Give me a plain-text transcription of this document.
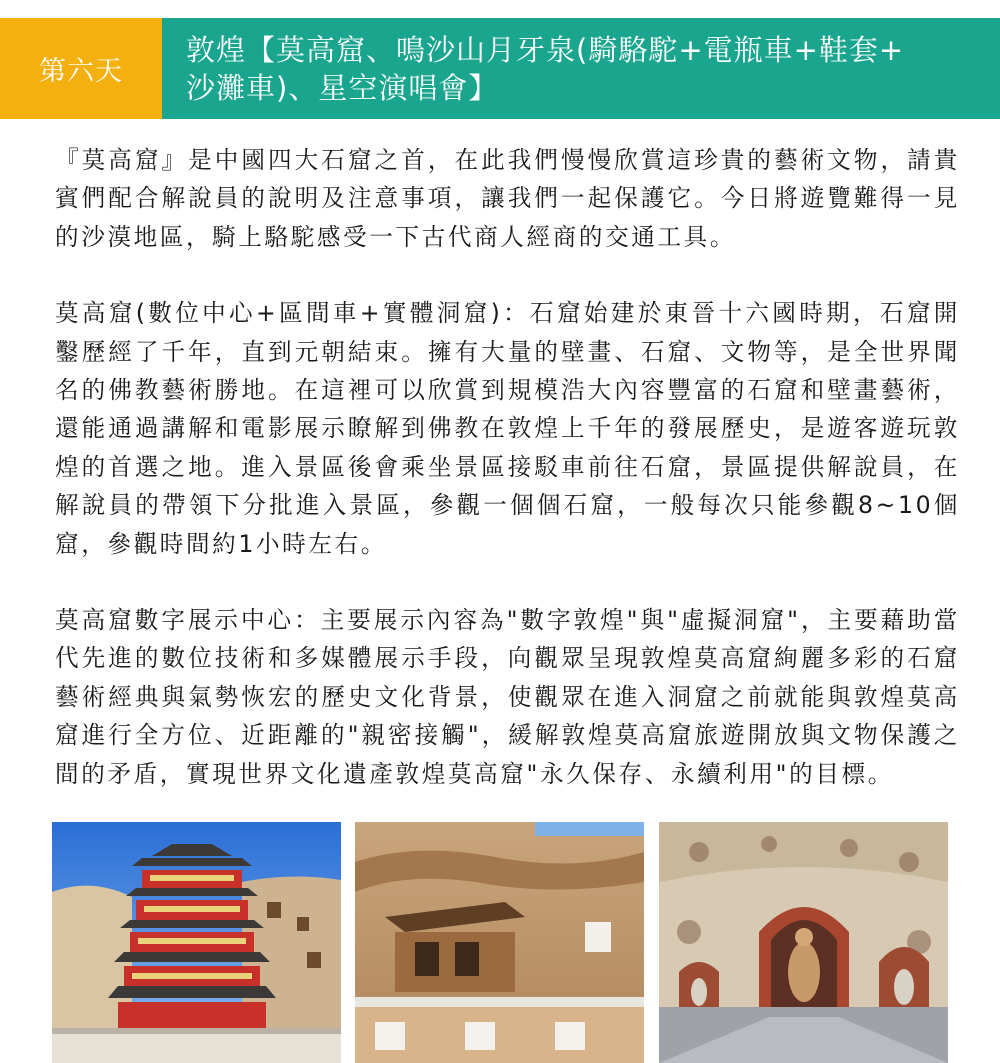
第六天
敦煌【莫高窟、鳴沙山月牙泉(騎駱駝+電瓶車+鞋套+
沙灘車)、星空演唱會】

『莫高窟』是中國四大石窟之首，在此我們慢慢欣賞這珍貴的藝術文物，請貴賓們配合解說員的說明及注意事項，讓我們一起保護它。今日將遊覽難得一見的沙漠地區，騎上駱駝感受一下古代商人經商的交通工具。

莫高窟(數位中心+區間車+實體洞窟)：石窟始建於東晉十六國時期，石窟開鑿歷經了千年，直到元朝結束。擁有大量的壁畫、石窟、文物等，是全世界聞名的佛教藝術勝地。在這裡可以欣賞到規模浩大內容豐富的石窟和壁畫藝術，還能通過講解和電影展示瞭解到佛教在敦煌上千年的發展歷史，是遊客遊玩敦煌的首選之地。進入景區後會乘坐景區接駁車前往石窟，景區提供解說員，在解說員的帶領下分批進入景區，參觀一個個石窟，一般每次只能參觀8~10個窟，參觀時間約1小時左右。

莫高窟數字展示中心：主要展示內容為"數字敦煌"與"虛擬洞窟"，主要藉助當代先進的數位技術和多媒體展示手段，向觀眾呈現敦煌莫高窟絢麗多彩的石窟藝術經典與氣勢恢宏的歷史文化背景，使觀眾在進入洞窟之前就能與敦煌莫高窟進行全方位、近距離的"親密接觸"，緩解敦煌莫高窟旅遊開放與文物保護之間的矛盾，實現世界文化遺產敦煌莫高窟"永久保存、永續利用"的目標。
